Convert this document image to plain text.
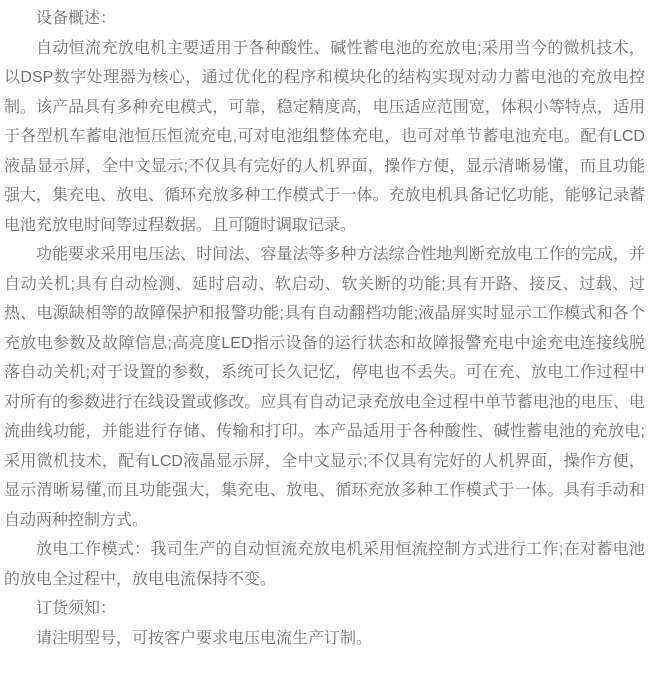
设备概述：

自动恒流充放电机主要适用于各种酸性、碱性蓄电池的充放电;采用当今的微机技术，以DSP数字处理器为核心，通过优化的程序和模块化的结构实现对动力蓄电池的充放电控制。该产品具有多种充电模式，可靠，稳定精度高，电压适应范围宽，体积小等特点，适用于各型机车蓄电池恒压恒流充电,可对电池组整体充电，也可对单节蓄电池充电。配有LCD液晶显示屏，全中文显示;不仅具有完好的人机界面，操作方便，显示清晰易懂，而且功能强大，集充电、放电、循环充放多种工作模式于一体。充放电机具备记忆功能，能够记录蓄电池充放电时间等过程数据。且可随时调取记录。

功能要求采用电压法、时间法、容量法等多种方法综合性地判断充放电工作的完成，并自动关机;具有自动检测、延时启动、软启动、软关断的功能;具有开路、接反、过载、过热、电源缺相等的故障保护和报警功能;具有自动翻档功能;液晶屏实时显示工作模式和各个充放电参数及故障信息;高亮度LED指示设备的运行状态和故障报警充电中途充电连接线脱落自动关机;对于设置的参数，系统可长久记忆，停电也不丢失。可在充、放电工作过程中对所有的参数进行在线设置或修改。应具有自动记录充放电全过程中单节蓄电池的电压、电流曲线功能，并能进行存储、传输和打印。本产品适用于各种酸性、碱性蓄电池的充放电;采用微机技术，配有LCD液晶显示屏，全中文显示;不仅具有完好的人机界面，操作方便，显示清晰易懂,而且功能强大，集充电、放电、循环充放多种工作模式于一体。具有手动和自动两种控制方式。

放电工作模式：我司生产的自动恒流充放电机采用恒流控制方式进行工作;在对蓄电池的放电全过程中，放电电流保持不变。

订货须知：

请注明型号，可按客户要求电压电流生产订制。
